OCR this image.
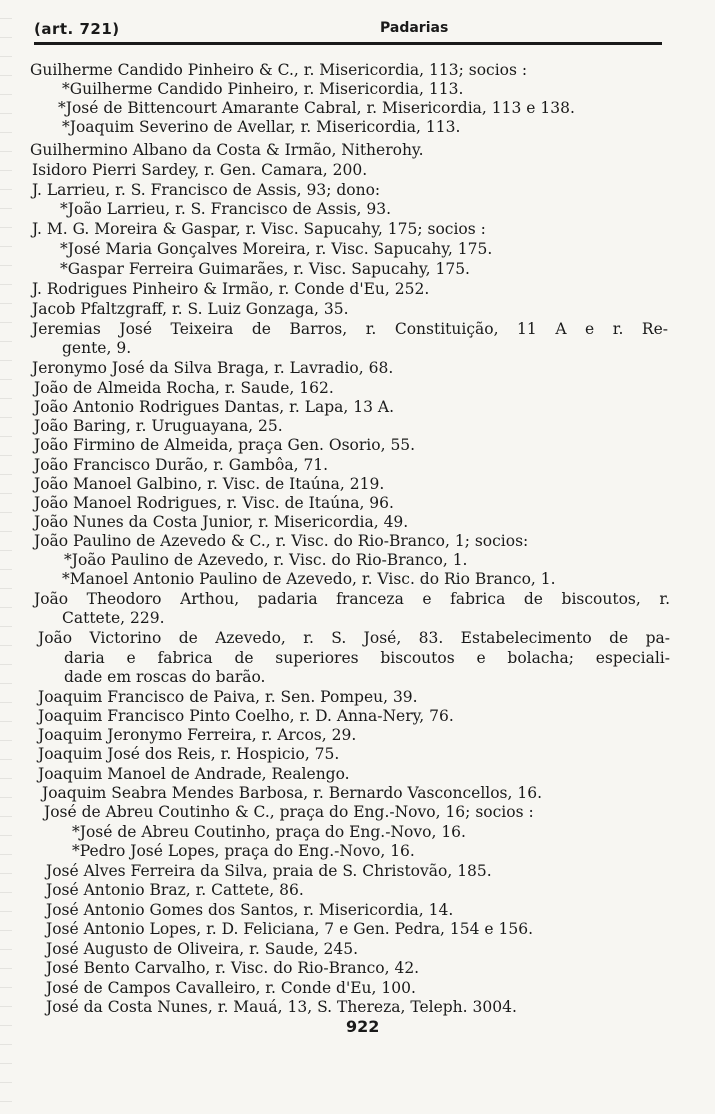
(art. 721)	Padarias
Guilherme Candido Pinheiro & C., r. Misericordia, 113; socios :
*Guilherme Candido Pinheiro, r. Misericordia, 113.
*José de Bittencourt Amarante Cabral, r. Misericordia, 113 e 138.
*Joaquim Severino de Avellar, r. Misericordia, 113.
Guilhermino Albano da Costa & Irmão, Nitherohy.
Isidoro Pierri Sardey, r. Gen. Camara, 200.
J. Larrieu, r. S. Francisco de Assis, 93; dono:
*João Larrieu, r. S. Francisco de Assis, 93.
J. M. G. Moreira & Gaspar, r. Visc. Sapucahy, 175; socios :
*José Maria Gonçalves Moreira, r. Visc. Sapucahy, 175.
*Gaspar Ferreira Guimarães, r. Visc. Sapucahy, 175.
J. Rodrigues Pinheiro & Irmão, r. Conde d'Eu, 252.
Jacob Pfaltzgraff, r. S. Luiz Gonzaga, 35.
Jeremias José Teixeira de Barros, r. Constituição, 11 A e r. Re-
gente, 9.
Jeronymo José da Silva Braga, r. Lavradio, 68.
João de Almeida Rocha, r. Saude, 162.
João Antonio Rodrigues Dantas, r. Lapa, 13 A.
João Baring, r. Uruguayana, 25.
João Firmino de Almeida, praça Gen. Osorio, 55.
João Francisco Durão, r. Gambôa, 71.
João Manoel Galbino, r. Visc. de Itaúna, 219.
João Manoel Rodrigues, r. Visc. de Itaúna, 96.
João Nunes da Costa Junior, r. Misericordia, 49.
João Paulino de Azevedo & C., r. Visc. do Rio-Branco, 1; socios:
*João Paulino de Azevedo, r. Visc. do Rio-Branco, 1.
*Manoel Antonio Paulino de Azevedo, r. Visc. do Rio Branco, 1.
João Theodoro Arthou, padaria franceza e fabrica de biscoutos, r.
Cattete, 229.
João Victorino de Azevedo, r. S. José, 83. Estabelecimento de pa-
daria e fabrica de superiores biscoutos e bolacha; especiali-
dade em roscas do barão.
Joaquim Francisco de Paiva, r. Sen. Pompeu, 39.
Joaquim Francisco Pinto Coelho, r. D. Anna-Nery, 76.
Joaquim Jeronymo Ferreira, r. Arcos, 29.
Joaquim José dos Reis, r. Hospicio, 75.
Joaquim Manoel de Andrade, Realengo.
Joaquim Seabra Mendes Barbosa, r. Bernardo Vasconcellos, 16.
José de Abreu Coutinho & C., praça do Eng.-Novo, 16; socios :
*José de Abreu Coutinho, praça do Eng.-Novo, 16.
*Pedro José Lopes, praça do Eng.-Novo, 16.
José Alves Ferreira da Silva, praia de S. Christovão, 185.
José Antonio Braz, r. Cattete, 86.
José Antonio Gomes dos Santos, r. Misericordia, 14.
José Antonio Lopes, r. D. Feliciana, 7 e Gen. Pedra, 154 e 156.
José Augusto de Oliveira, r. Saude, 245.
José Bento Carvalho, r. Visc. do Rio-Branco, 42.
José de Campos Cavalleiro, r. Conde d'Eu, 100.
José da Costa Nunes, r. Mauá, 13, S. Thereza, Teleph. 3004.
922
